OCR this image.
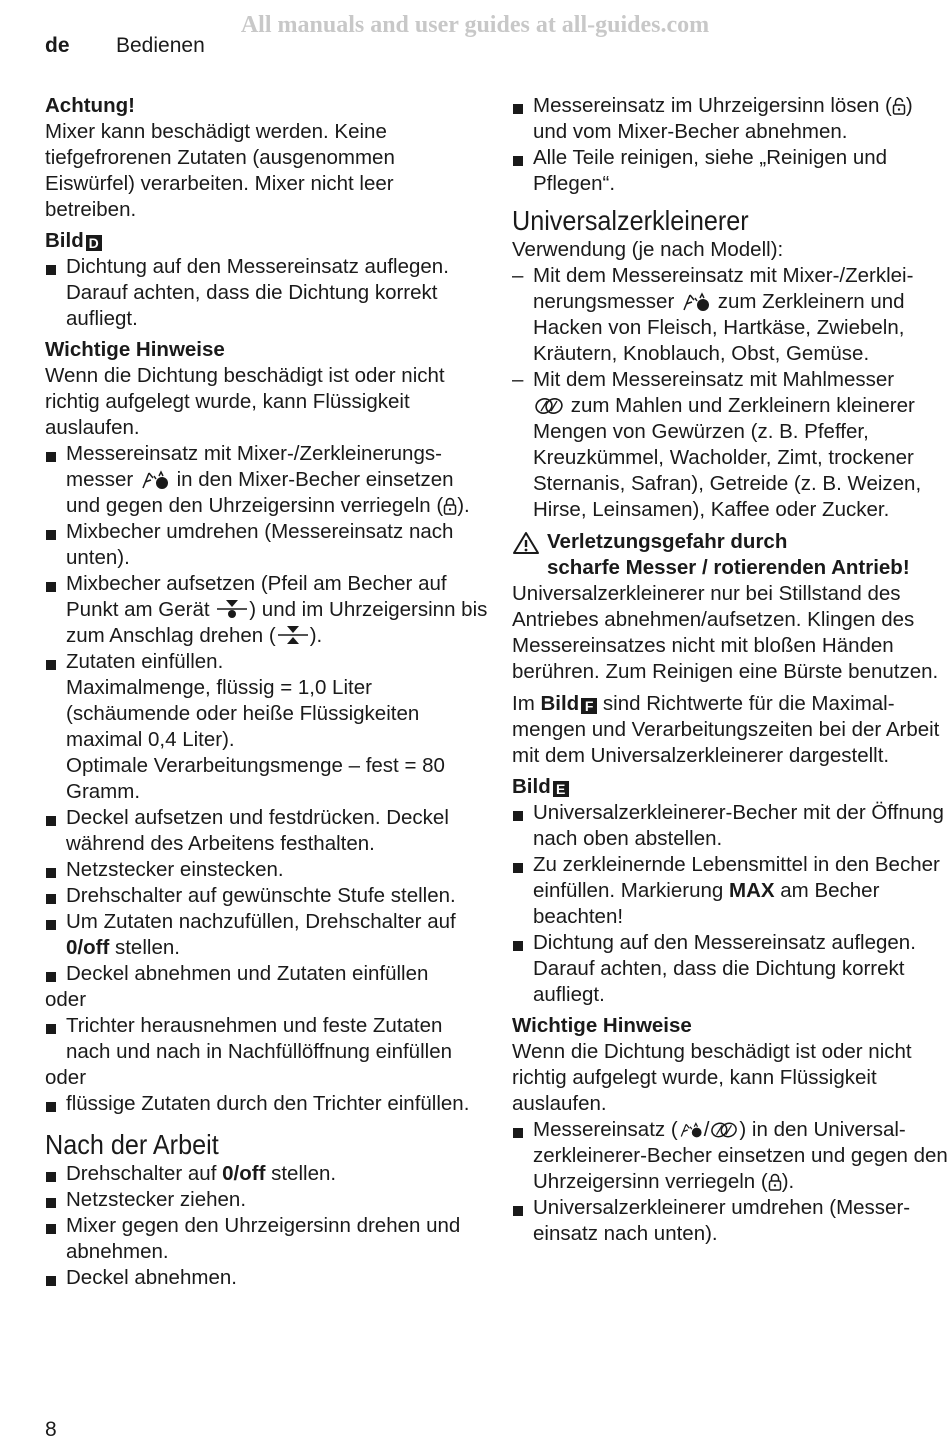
All manuals and user guides at all-guides.com
de Bedienen

Achtung!

Mixer kann beschädigt werden. Keine tiefgefrorenen Zutaten (ausgenommen Eiswürfel) verarbeiten. Mixer nicht leer betreiben.

Bild D

Dichtung auf den Messereinsatz auflegen. Darauf achten, dass die Dichtung korrekt aufliegt.

Wichtige Hinweise

Wenn die Dichtung beschädigt ist oder nicht richtig aufgelegt wurde, kann Flüssigkeit auslaufen.

Messereinsatz mit Mixer-/Zerkleinerungsmesser in den Mixer-Becher einsetzen und gegen den Uhrzeigersinn verriegeln ( ).

Mixbecher umdrehen (Messereinsatz nach unten).

Mixbecher aufsetzen (Pfeil am Becher auf Punkt am Gerät ) und im Uhrzeigersinn bis zum Anschlag drehen ( ).

Zutaten einfüllen.
Maximalmenge, flüssig = 1,0 Liter (schäumende oder heiße Flüssigkeiten maximal 0,4 Liter).
Optimale Verarbeitungsmenge – fest = 80 Gramm.

Deckel aufsetzen und festdrücken. Deckel während des Arbeitens festhalten.

Netzstecker einstecken.

Drehschalter auf gewünschte Stufe stellen.

Um Zutaten nachzufüllen, Drehschalter auf 0/off stellen.

Deckel abnehmen und Zutaten einfüllen

oder

Trichter herausnehmen und feste Zutaten nach und nach in Nachfüllöffnung einfüllen

oder

flüssige Zutaten durch den Trichter einfüllen.

Nach der Arbeit

Drehschalter auf 0/off stellen.

Netzstecker ziehen.

Mixer gegen den Uhrzeigersinn drehen und abnehmen.

Deckel abnehmen.

Messereinsatz im Uhrzeigersinn lösen ( ) und vom Mixer-Becher abnehmen.

Alle Teile reinigen, siehe „Reinigen und Pflegen“.

Universalzerkleinerer

Verwendung (je nach Modell):

– Mit dem Messereinsatz mit Mixer-/Zerkleinerungsmesser zum Zerkleinern und Hacken von Fleisch, Hartkäse, Zwiebeln, Kräutern, Knoblauch, Obst, Gemüse.

– Mit dem Messereinsatz mit Mahlmesser
zum Mahlen und Zerkleinern kleinerer Mengen von Gewürzen (z. B. Pfeffer, Kreuzkümmel, Wacholder, Zimt, trockener Sternanis, Safran), Getreide (z. B. Weizen, Hirse, Leinsamen), Kaffee oder Zucker.

Verletzungsgefahr durch

scharfe Messer / rotierenden Antrieb!

Universalzerkleinerer nur bei Stillstand des Antriebes abnehmen/aufsetzen. Klingen des Messereinsatzes nicht mit bloßen Händen berühren. Zum Reinigen eine Bürste benutzen.

Im Bild F sind Richtwerte für die Maximalmengen und Verarbeitungszeiten bei der Arbeit mit dem Universalzerkleinerer dargestellt.

Bild E

Universalzerkleinerer-Becher mit der Öffnung nach oben abstellen.

Zu zerkleinernde Lebensmittel in den Becher einfüllen. Markierung MAX am Becher beachten!

Dichtung auf den Messereinsatz auflegen. Darauf achten, dass die Dichtung korrekt aufliegt.

Wichtige Hinweise

Wenn die Dichtung beschädigt ist oder nicht richtig aufgelegt wurde, kann Flüssigkeit auslaufen.

Messereinsatz ( / ) in den Universalzerkleinerer-Becher einsetzen und gegen den Uhrzeigersinn verriegeln ( ).

Universalzerkleinerer umdrehen (Messereinsatz nach unten).

8
